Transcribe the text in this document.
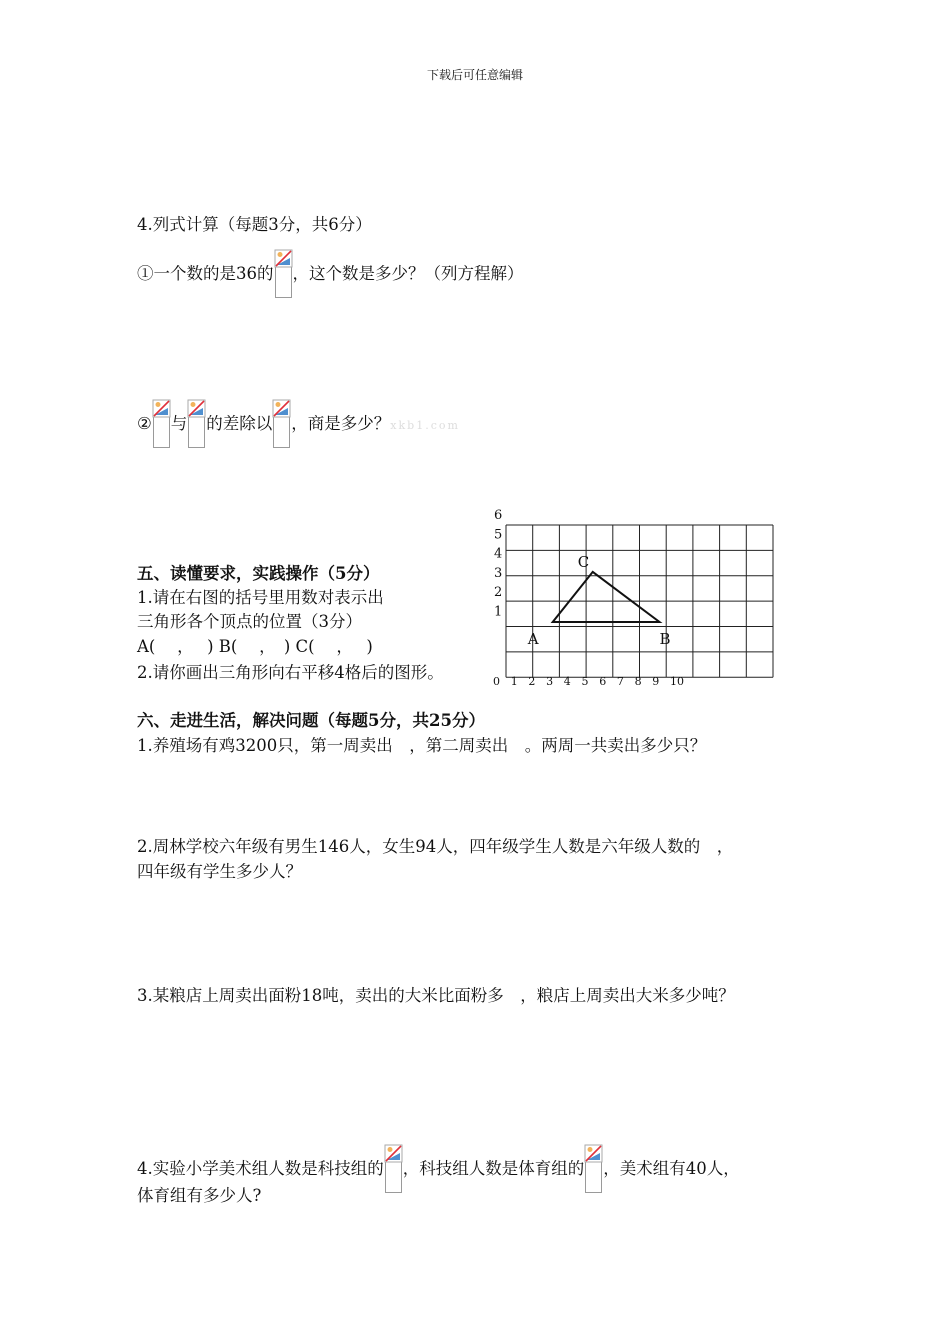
下载后可任意编辑
4.列式计算（每题3分，共6分）
①一个数的是36的 ，这个数是多少？（列方程解）
② 与 的差除以 ，商是多少？xkb1.com
五、读懂要求，实践操作（5分）
1.请在右图的括号里用数对表示出
三角形各个顶点的位置（3分）
A(　 ，　 ) B(　 ，　) C(　 ，　 )
2.请你画出三角形向右平移4格后的图形。
6
5
4
3
2
1
0 1 2 3 4 5 6 7 8 9 10
A	B
C
六、走进生活，解决问题（每题5分，共25分）
1.养殖场有鸡3200只，第一周卖出　，第二周卖出　。两周一共卖出多少只？
2.周林学校六年级有男生146人，女生94人，四年级学生人数是六年级人数的　，
四年级有学生多少人？
3.某粮店上周卖出面粉18吨，卖出的大米比面粉多　，粮店上周卖出大米多少吨？
4.实验小学美术组人数是科技组的 ，科技组人数是体育组的 ，美术组有40人，
体育组有多少人?
